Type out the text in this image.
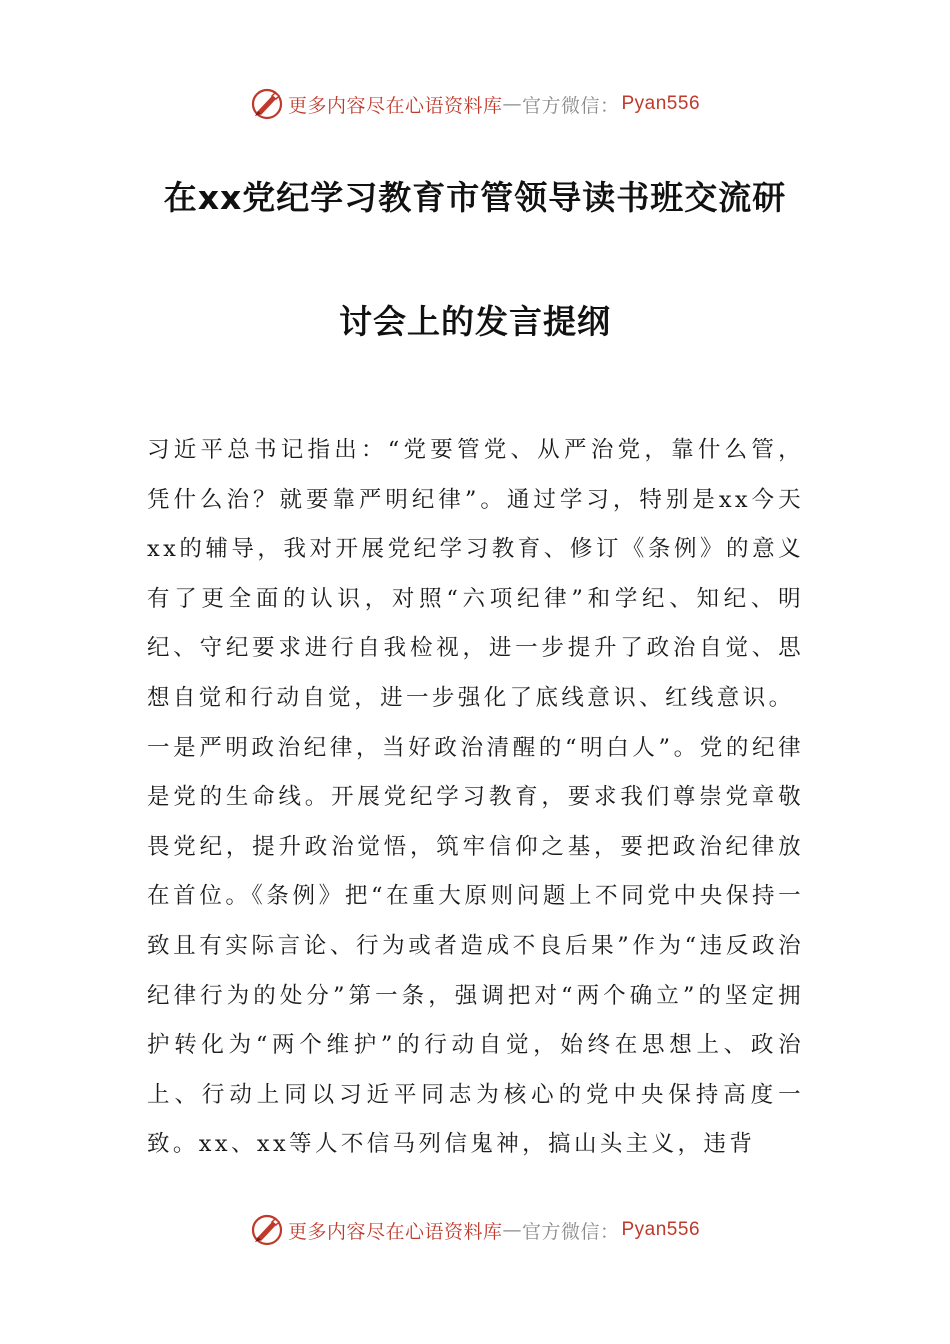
更多内容尽在心语资料库 — 官方微信： Pyan556
在xx党纪学习教育市管领导读书班交流研
讨会上的发言提纲

习近平总书记指出：“党要管党、从严治党，靠什么管，凭什么治？就要靠严明纪律”。通过学习，特别是xx今天xx的辅导，我对开展党纪学习教育、修订《条例》的意义有了更全面的认识，对照“六项纪律”和学纪、知纪、明纪、守纪要求进行自我检视，进一步提升了政治自觉、思想自觉和行动自觉，进一步强化了底线意识、红线意识。

一是严明政治纪律，当好政治清醒的“明白人”。党的纪律是党的生命线。开展党纪学习教育，要求我们尊崇党章敬畏党纪，提升政治觉悟，筑牢信仰之基，要把政治纪律放在首位。《条例》把“在重大原则问题上不同党中央保持一致且有实际言论、行为或者造成不良后果”作为“违反政治纪律行为的处分”第一条，强调把对“两个确立”的坚定拥护转化为“两个维护”的行动自觉，始终在思想上、政治上、行动上同以习近平同志为核心的党中央保持高度一致。xx、xx等人不信马列信鬼神，搞山头主义，违背

更多内容尽在心语资料库 — 官方微信： Pyan556
